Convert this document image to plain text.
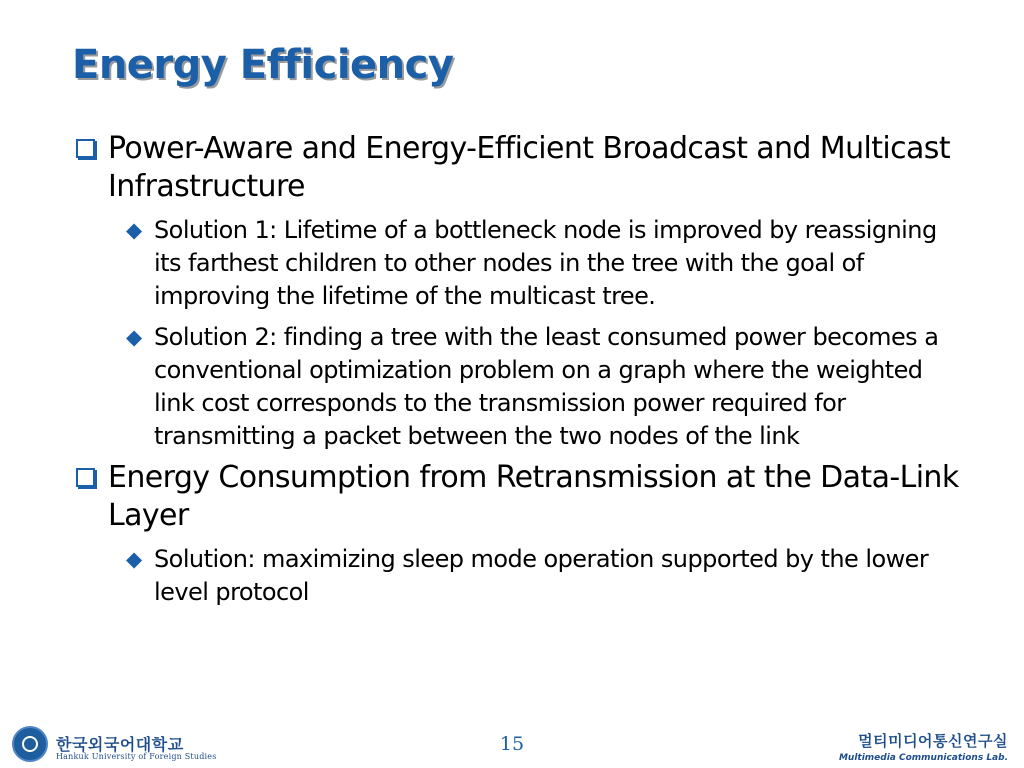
Energy Efficiency
Power-Aware and Energy-Efficient Broadcast and Multicast Infrastructure
◆ Solution 1: Lifetime of a bottleneck node is improved by reassigning its farthest children to other nodes in the tree with the goal of improving the lifetime of the multicast tree.
◆ Solution 2: finding a tree with the least consumed power becomes a conventional optimization problem on a graph where the weighted link cost corresponds to the transmission power required for transmitting a packet between the two nodes of the link
Energy Consumption from Retransmission at the Data-Link Layer
◆ Solution: maximizing sleep mode operation supported by the lower level protocol
한국외국어대학교
Hankuk University of Foreign Studies
15	멀티미디어통신연구실
Multimedia Communications Lab.
